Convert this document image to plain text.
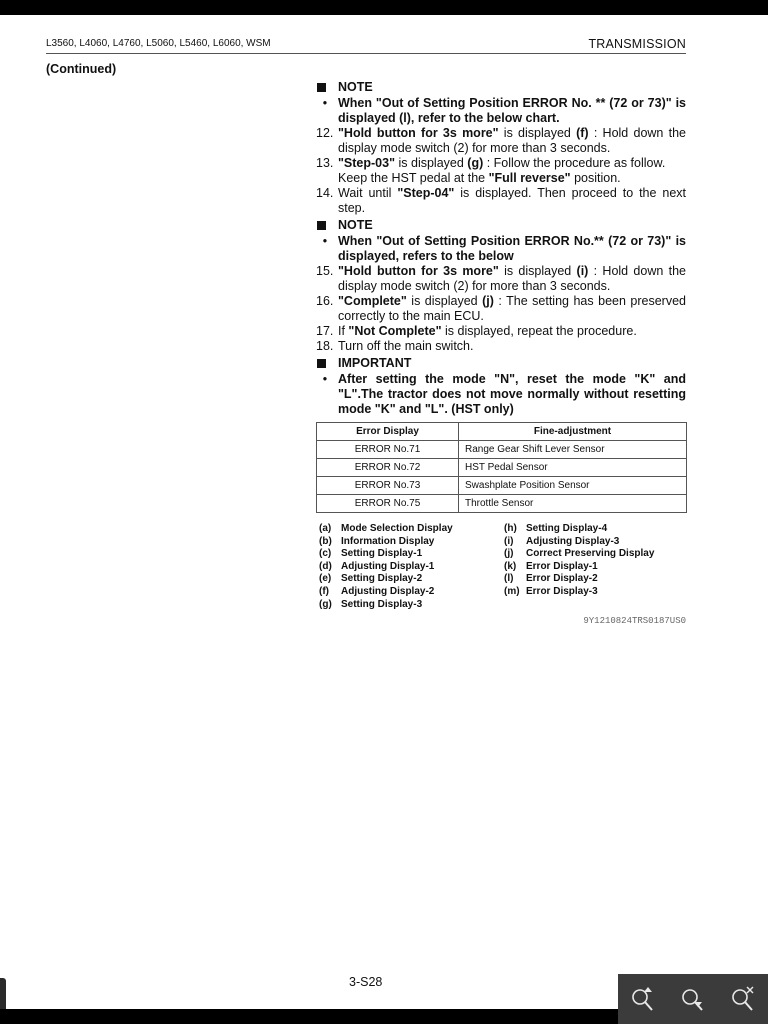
L3560, L4060, L4760, L5060, L5460, L6060, WSM	TRANSMISSION
(Continued)
NOTE
• When "Out of Setting Position ERROR No. ** (72 or 73)" is displayed (l), refer to the below chart.
12. "Hold button for 3s more" is displayed (f) : Hold down the display mode switch (2) for more than 3 seconds.
13. "Step-03" is displayed (g) : Follow the procedure as follow.
Keep the HST pedal at the "Full reverse" position.
14. Wait until "Step-04" is displayed. Then proceed to the next step.
NOTE
• When "Out of Setting Position ERROR No.** (72 or 73)" is displayed, refers to the below
15. "Hold button for 3s more" is displayed (i) : Hold down the display mode switch (2) for more than 3 seconds.
16. "Complete" is displayed (j) : The setting has been preserved correctly to the main ECU.
17. If "Not Complete" is displayed, repeat the procedure.
18. Turn off the main switch.
IMPORTANT
• After setting the mode "N", reset the mode "K" and "L".The tractor does not move normally without resetting mode "K" and "L". (HST only)
Error Display	Fine-adjustment
ERROR No.71	Range Gear Shift Lever Sensor
ERROR No.72	HST Pedal Sensor
ERROR No.73	Swashplate Position Sensor
ERROR No.75	Throttle Sensor
(a) Mode Selection Display
(b) Information Display
(c) Setting Display-1
(d) Adjusting Display-1
(e) Setting Display-2
(f)	Adjusting Display-2
(g) Setting Display-3
(h) Setting Display-4
(i)	Adjusting Display-3
(j)	Correct Preserving Display
(k) Error Display-1
(l)	Error Display-2
(m) Error Display-3
9Y1210824TRS0187US0
3-S28
